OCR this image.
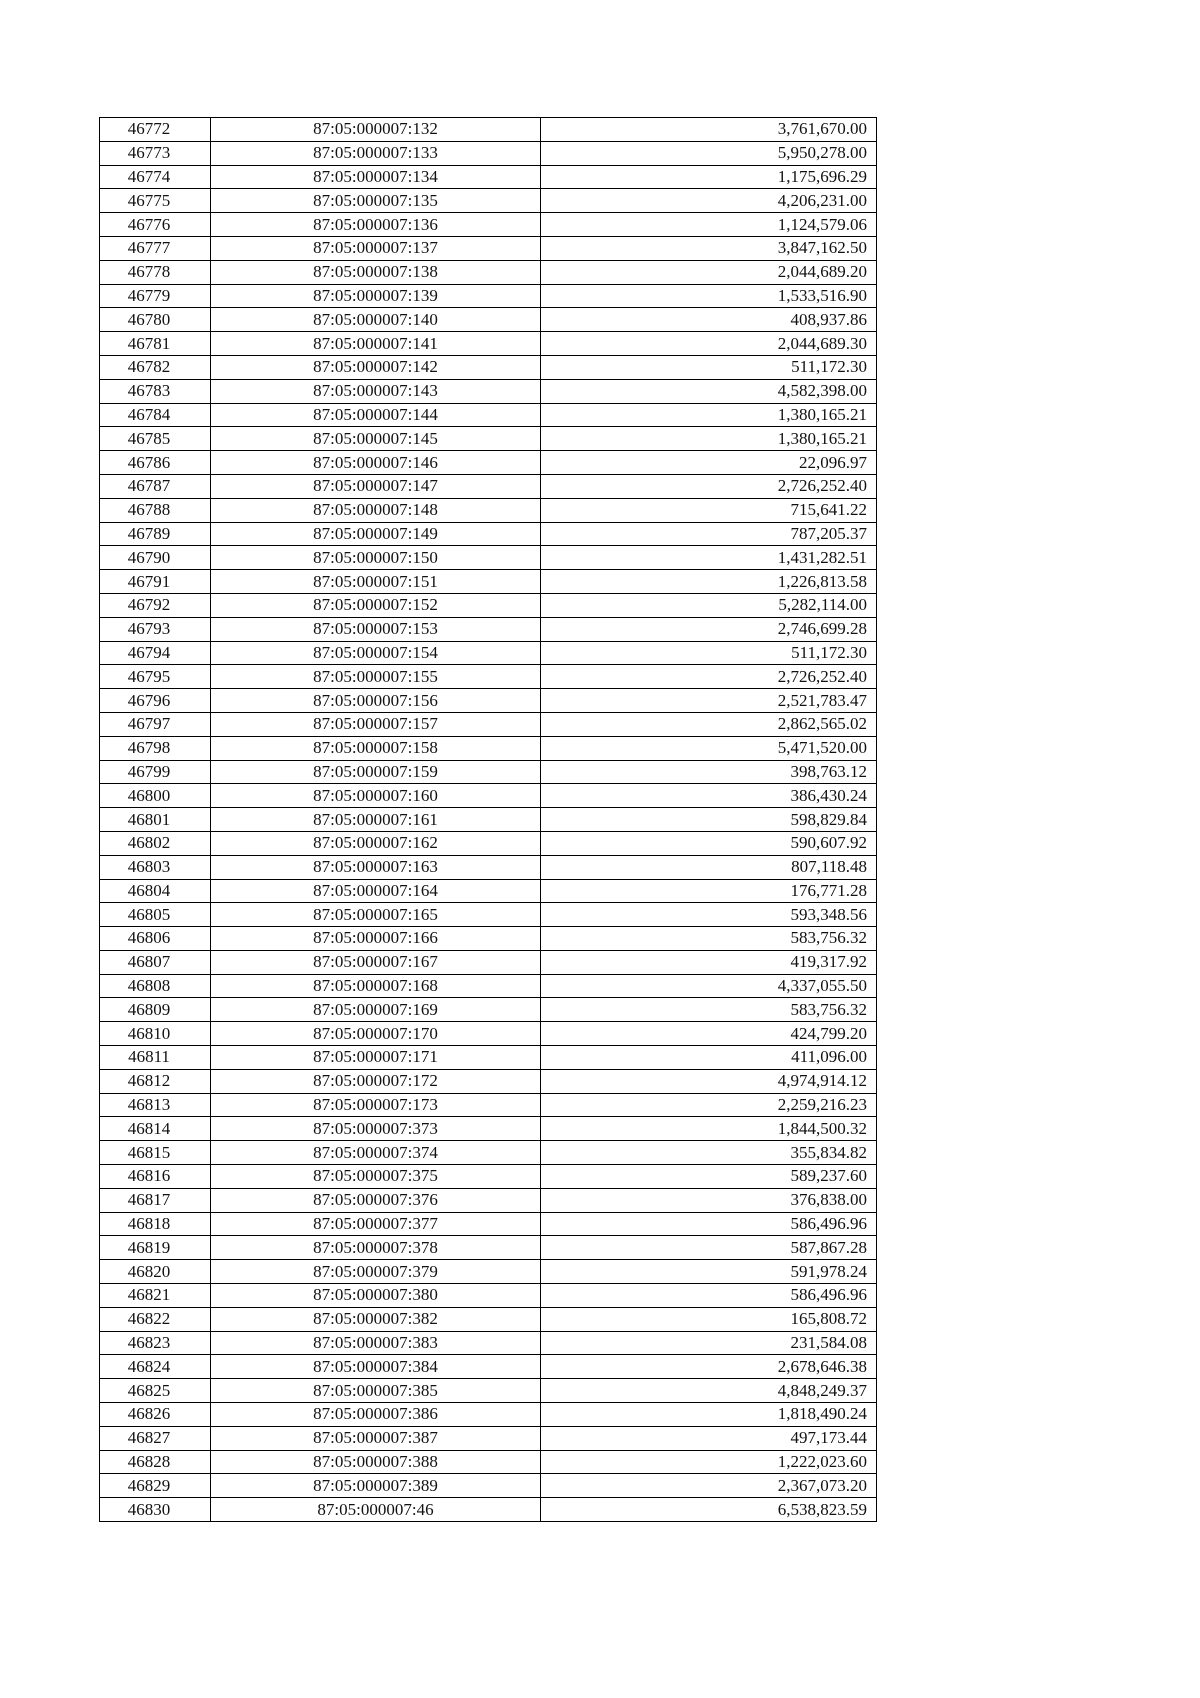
46772	87:05:000007:132	3,761,670.00
46773	87:05:000007:133	5,950,278.00
46774	87:05:000007:134	1,175,696.29
46775	87:05:000007:135	4,206,231.00
46776	87:05:000007:136	1,124,579.06
46777	87:05:000007:137	3,847,162.50
46778	87:05:000007:138	2,044,689.20
46779	87:05:000007:139	1,533,516.90
46780	87:05:000007:140	408,937.86
46781	87:05:000007:141	2,044,689.30
46782	87:05:000007:142	511,172.30
46783	87:05:000007:143	4,582,398.00
46784	87:05:000007:144	1,380,165.21
46785	87:05:000007:145	1,380,165.21
46786	87:05:000007:146	22,096.97
46787	87:05:000007:147	2,726,252.40
46788	87:05:000007:148	715,641.22
46789	87:05:000007:149	787,205.37
46790	87:05:000007:150	1,431,282.51
46791	87:05:000007:151	1,226,813.58
46792	87:05:000007:152	5,282,114.00
46793	87:05:000007:153	2,746,699.28
46794	87:05:000007:154	511,172.30
46795	87:05:000007:155	2,726,252.40
46796	87:05:000007:156	2,521,783.47
46797	87:05:000007:157	2,862,565.02
46798	87:05:000007:158	5,471,520.00
46799	87:05:000007:159	398,763.12
46800	87:05:000007:160	386,430.24
46801	87:05:000007:161	598,829.84
46802	87:05:000007:162	590,607.92
46803	87:05:000007:163	807,118.48
46804	87:05:000007:164	176,771.28
46805	87:05:000007:165	593,348.56
46806	87:05:000007:166	583,756.32
46807	87:05:000007:167	419,317.92
46808	87:05:000007:168	4,337,055.50
46809	87:05:000007:169	583,756.32
46810	87:05:000007:170	424,799.20
46811	87:05:000007:171	411,096.00
46812	87:05:000007:172	4,974,914.12
46813	87:05:000007:173	2,259,216.23
46814	87:05:000007:373	1,844,500.32
46815	87:05:000007:374	355,834.82
46816	87:05:000007:375	589,237.60
46817	87:05:000007:376	376,838.00
46818	87:05:000007:377	586,496.96
46819	87:05:000007:378	587,867.28
46820	87:05:000007:379	591,978.24
46821	87:05:000007:380	586,496.96
46822	87:05:000007:382	165,808.72
46823	87:05:000007:383	231,584.08
46824	87:05:000007:384	2,678,646.38
46825	87:05:000007:385	4,848,249.37
46826	87:05:000007:386	1,818,490.24
46827	87:05:000007:387	497,173.44
46828	87:05:000007:388	1,222,023.60
46829	87:05:000007:389	2,367,073.20
46830	87:05:000007:46	6,538,823.59
